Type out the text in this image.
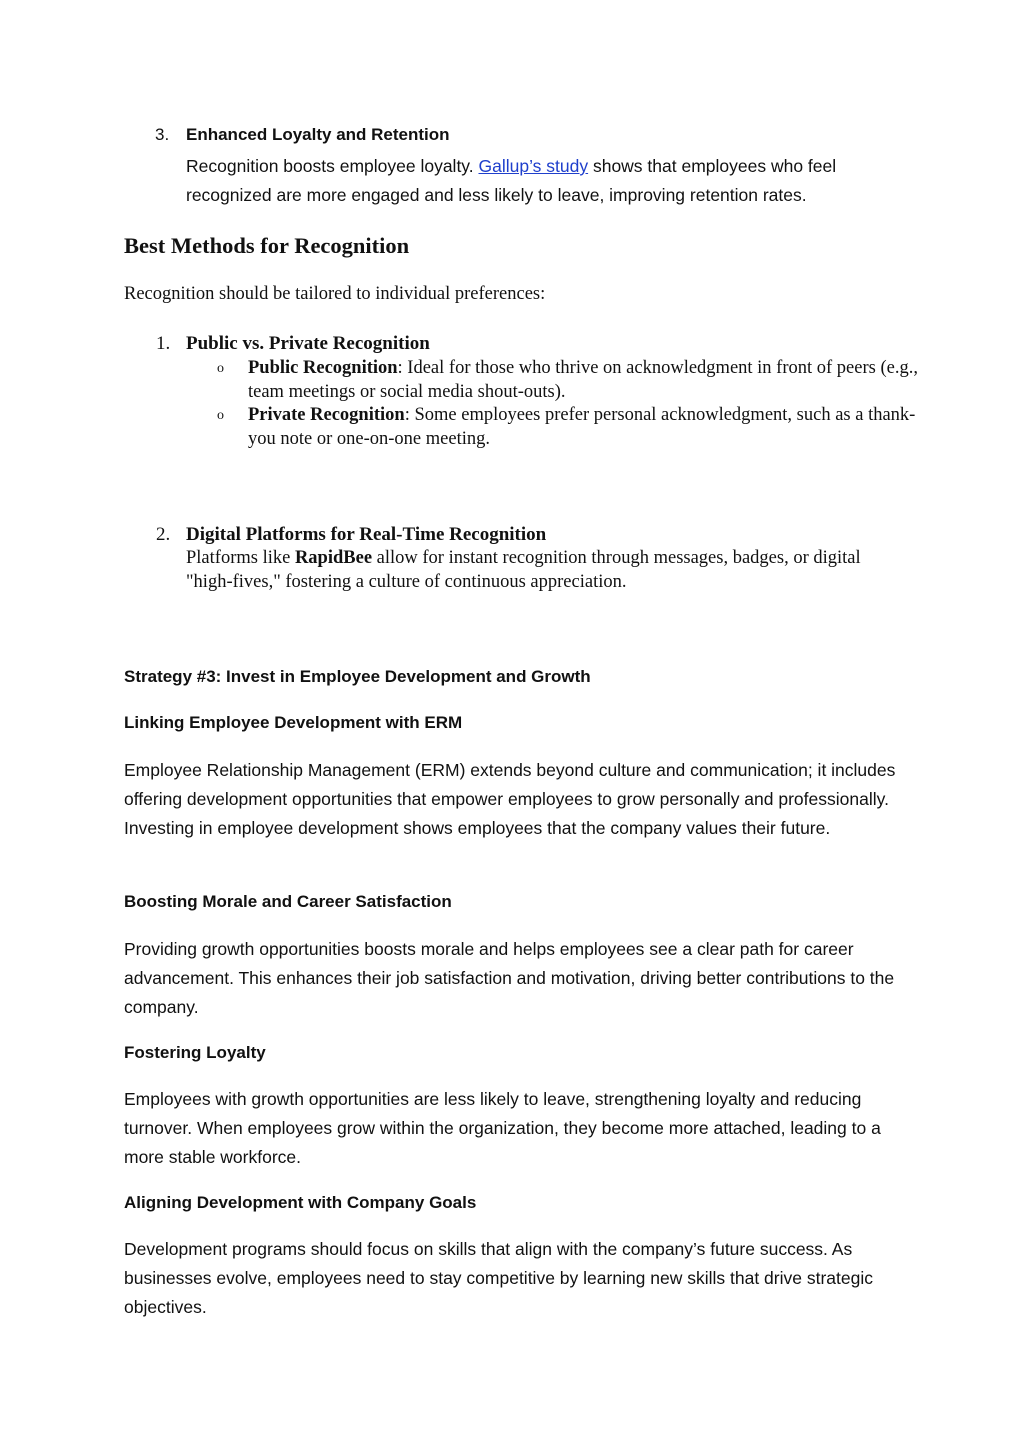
3. Enhanced Loyalty and Retention
Recognition boosts employee loyalty. Gallup’s study shows that employees who feel recognized are more engaged and less likely to leave, improving retention rates.
Best Methods for Recognition
Recognition should be tailored to individual preferences:
1. Public vs. Private Recognition
o Public Recognition: Ideal for those who thrive on acknowledgment in front of peers (e.g., team meetings or social media shout-outs).
o Private Recognition: Some employees prefer personal acknowledgment, such as a thank-you note or one-on-one meeting.
2. Digital Platforms for Real-Time Recognition
Platforms like RapidBee allow for instant recognition through messages, badges, or digital "high-fives," fostering a culture of continuous appreciation.
Strategy #3: Invest in Employee Development and Growth
Linking Employee Development with ERM
Employee Relationship Management (ERM) extends beyond culture and communication; it includes offering development opportunities that empower employees to grow personally and professionally. Investing in employee development shows employees that the company values their future.
Boosting Morale and Career Satisfaction
Providing growth opportunities boosts morale and helps employees see a clear path for career advancement. This enhances their job satisfaction and motivation, driving better contributions to the company.
Fostering Loyalty
Employees with growth opportunities are less likely to leave, strengthening loyalty and reducing turnover. When employees grow within the organization, they become more attached, leading to a more stable workforce.
Aligning Development with Company Goals
Development programs should focus on skills that align with the company’s future success. As businesses evolve, employees need to stay competitive by learning new skills that drive strategic objectives.
